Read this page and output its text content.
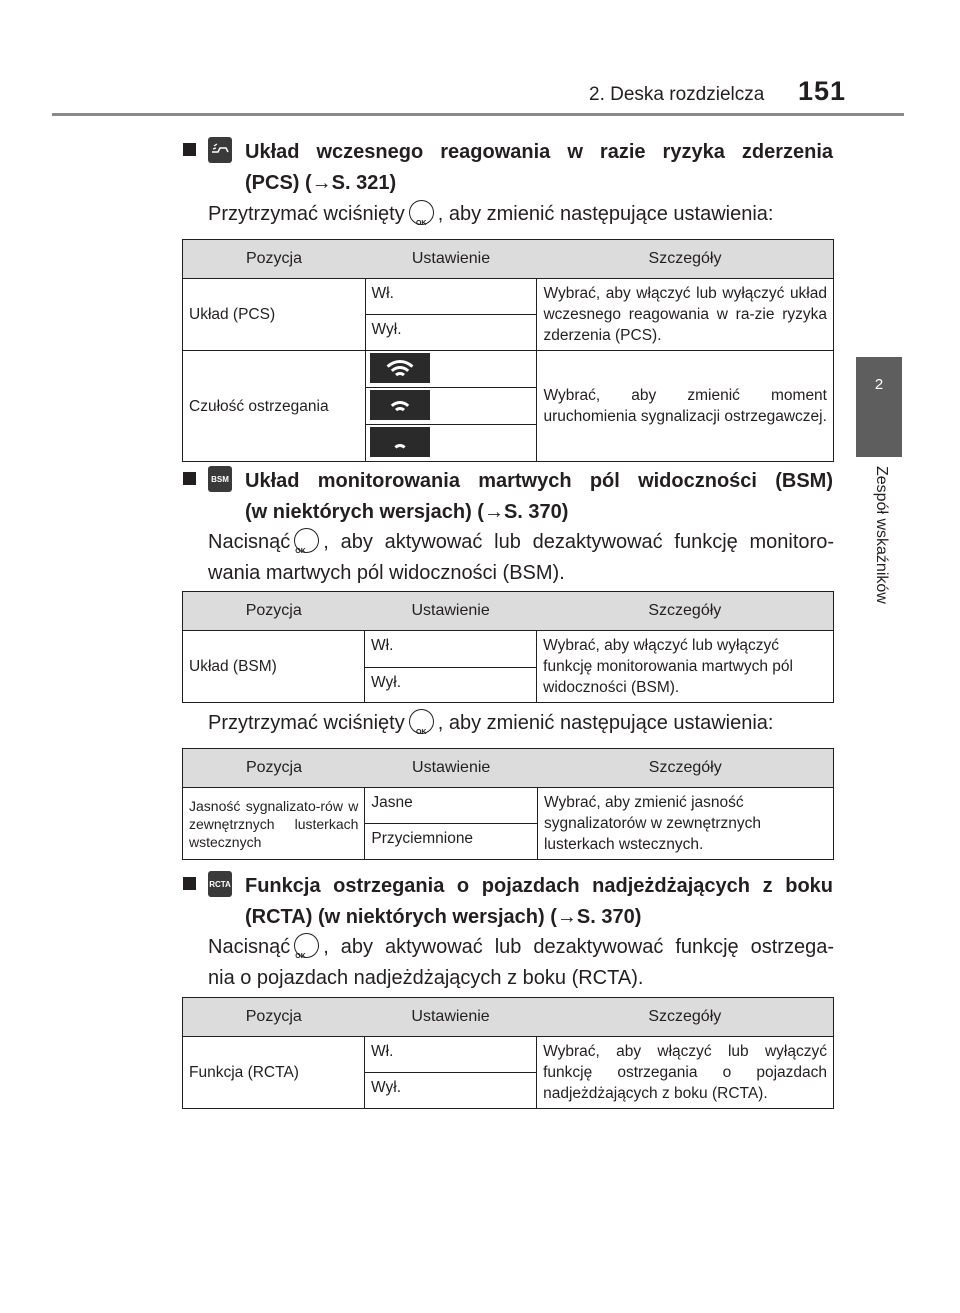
2. Deska rozdzielcza 151
2
Zespół wskaźników
Układ wczesnego reagowania w razie ryzyka zderzenia
(PCS) (→S. 321)
Przytrzymać wciśnięty OK , aby zmienić następujące ustawienia:
Pozycja	Ustawienie	Szczegóły
Układ (PCS)	Wł.	Wybrać, aby włączyć lub wyłączyć układ wczesnego reagowania w ra-zie ryzyka zderzenia (PCS).
	Wył.	
Czułość ostrzegania		Wybrać, aby zmienić moment uruchomienia sygnalizacji ostrzegawczej.

BSM Układ monitorowania martwych pól widoczności (BSM)
(w niektórych wersjach) (→S. 370)
Nacisnąć OK , aby aktywować lub dezaktywować funkcję monitoro-
wania martwych pól widoczności (BSM).
Pozycja	Ustawienie	Szczegóły
Układ (BSM)	Wł.	Wybrać, aby włączyć lub wyłączyć funkcję monitorowania martwych pól widoczności (BSM).
	Wył.	
Przytrzymać wciśnięty OK , aby zmienić następujące ustawienia:
Pozycja	Ustawienie	Szczegóły
Jasność sygnalizato-rów w zewnętrznych lusterkach wstecznych	Jasne	Wybrać, aby zmienić jasność sygnalizatorów w zewnętrznych lusterkach wstecznych.
	Przyciemnione	
RCTA Funkcja ostrzegania o pojazdach nadjeżdżających z boku
(RCTA) (w niektórych wersjach) (→S. 370)
Nacisnąć OK , aby aktywować lub dezaktywować funkcję ostrzega-
nia o pojazdach nadjeżdżających z boku (RCTA).
Pozycja	Ustawienie	Szczegóły
Funkcja (RCTA)	Wł.	Wybrać, aby włączyć lub wyłączyć funkcję ostrzegania o pojazdach nadjeżdżających z boku (RCTA).
	Wył.	
